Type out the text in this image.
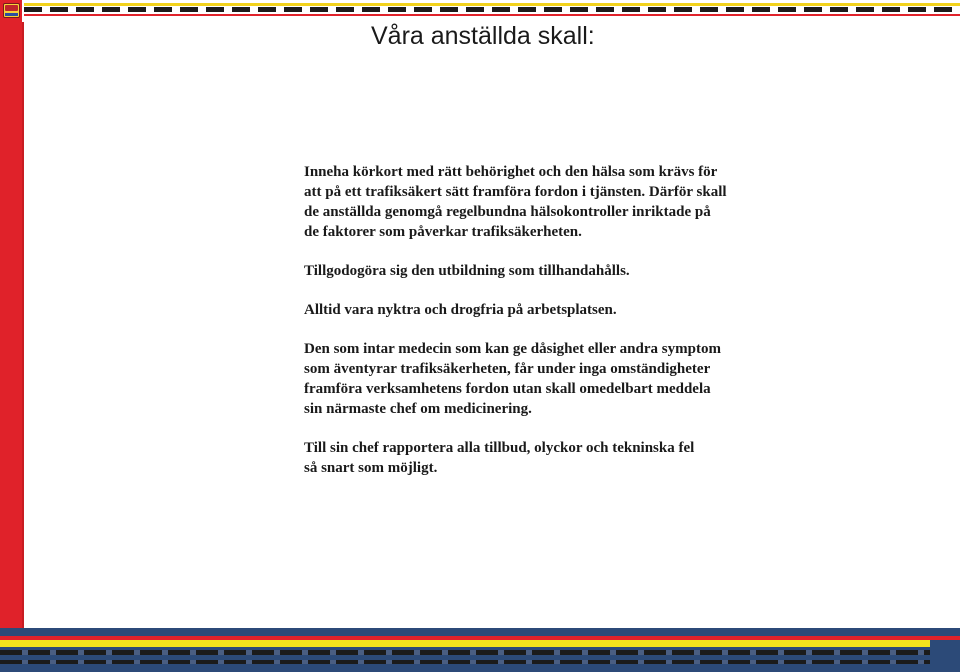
Våra anställda skall:

Inneha körkort med rätt behörighet och den hälsa som krävs för
att på ett trafiksäkert sätt framföra fordon i tjänsten. Därför skall
de anställda genomgå regelbundna hälsokontroller inriktade på
de faktorer som påverkar trafiksäkerheten.

Tillgodogöra sig den utbildning som tillhandahålls.

Alltid vara nyktra och drogfria på arbetsplatsen.

Den som intar medecin som kan ge dåsighet eller andra symptom
som äventyrar trafiksäkerheten, får under inga omständigheter
framföra verksamhetens fordon utan skall omedelbart meddela
sin närmaste chef om medicinering.

Till sin chef rapportera alla tillbud, olyckor och tekninska fel
så snart som möjligt.
